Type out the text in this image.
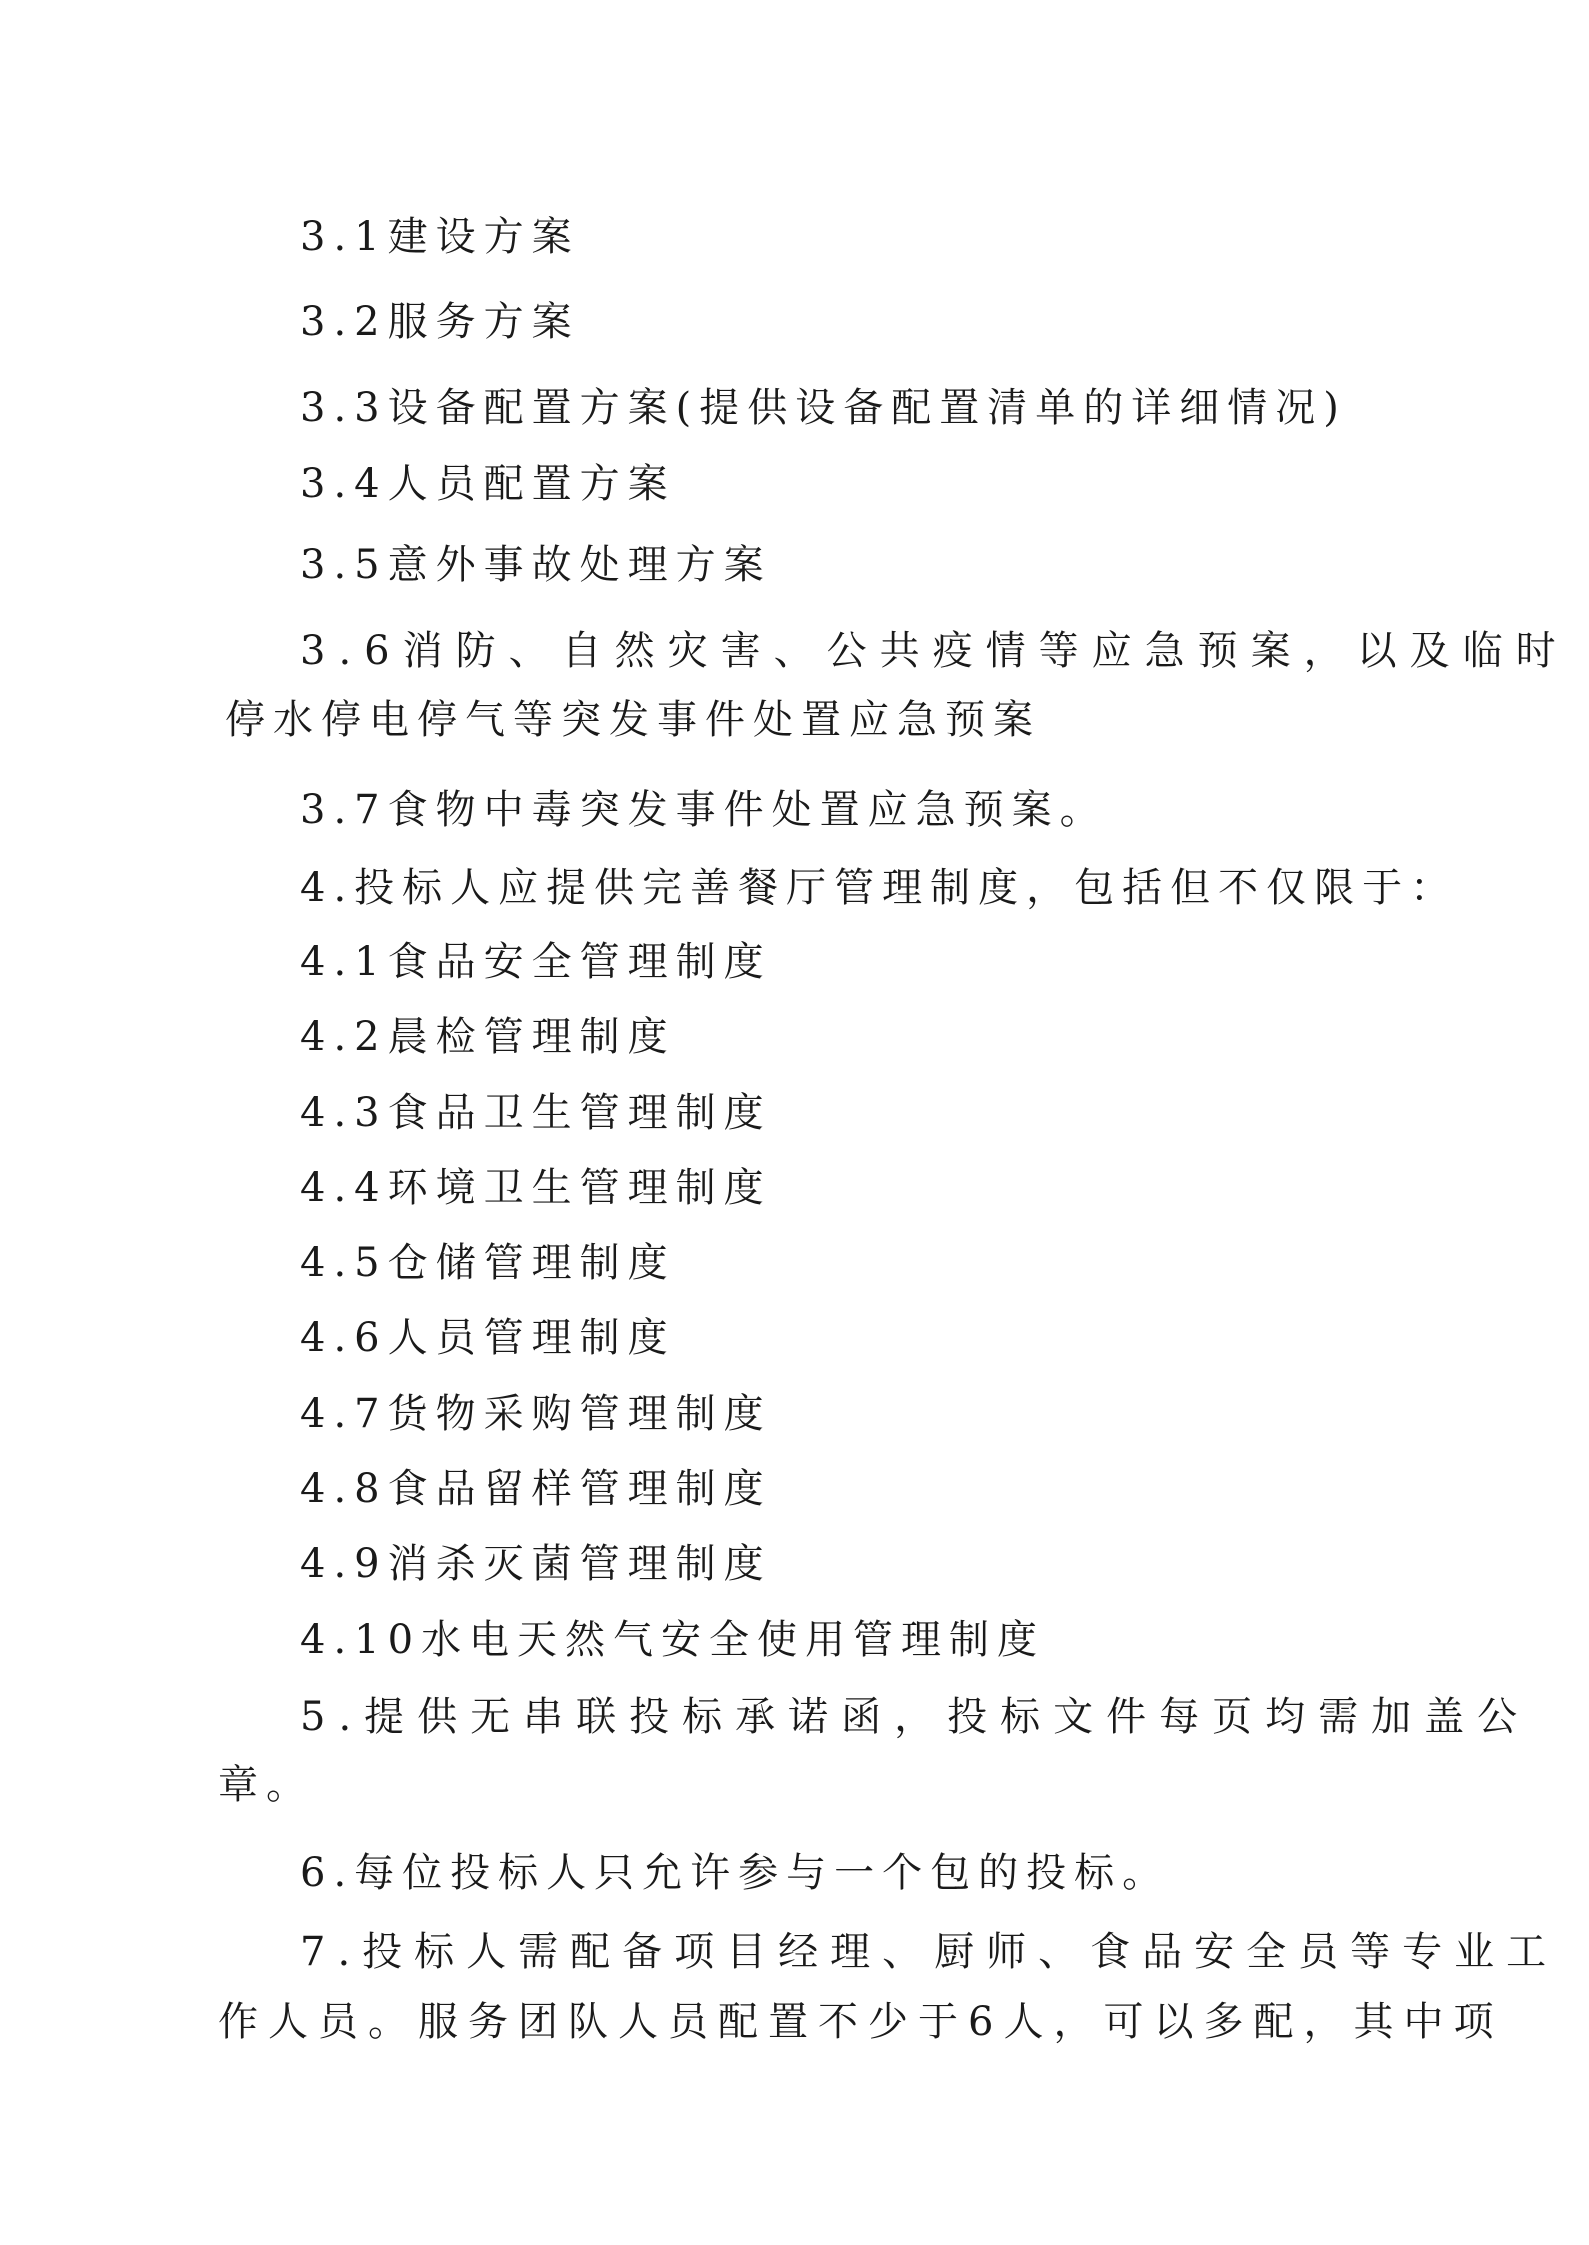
3.1建设方案
3.2服务方案
3.3设备配置方案(提供设备配置清单的详细情况)
3.4人员配置方案
3.5意外事故处理方案
3.6消防、自然灾害、公共疫情等应急预案，以及临时
停水停电停气等突发事件处置应急预案
3.7食物中毒突发事件处置应急预案。
4.投标人应提供完善餐厅管理制度，包括但不仅限于：
4.1食品安全管理制度
4.2晨检管理制度
4.3食品卫生管理制度
4.4环境卫生管理制度
4.5仓储管理制度
4.6人员管理制度
4.7货物采购管理制度
4.8食品留样管理制度
4.9消杀灭菌管理制度
4.10水电天然气安全使用管理制度
5.提供无串联投标承诺函，投标文件每页均需加盖公
章。
6.每位投标人只允许参与一个包的投标。
7.投标人需配备项目经理、厨师、食品安全员等专业工
作人员。服务团队人员配置不少于6人，可以多配，其中项
